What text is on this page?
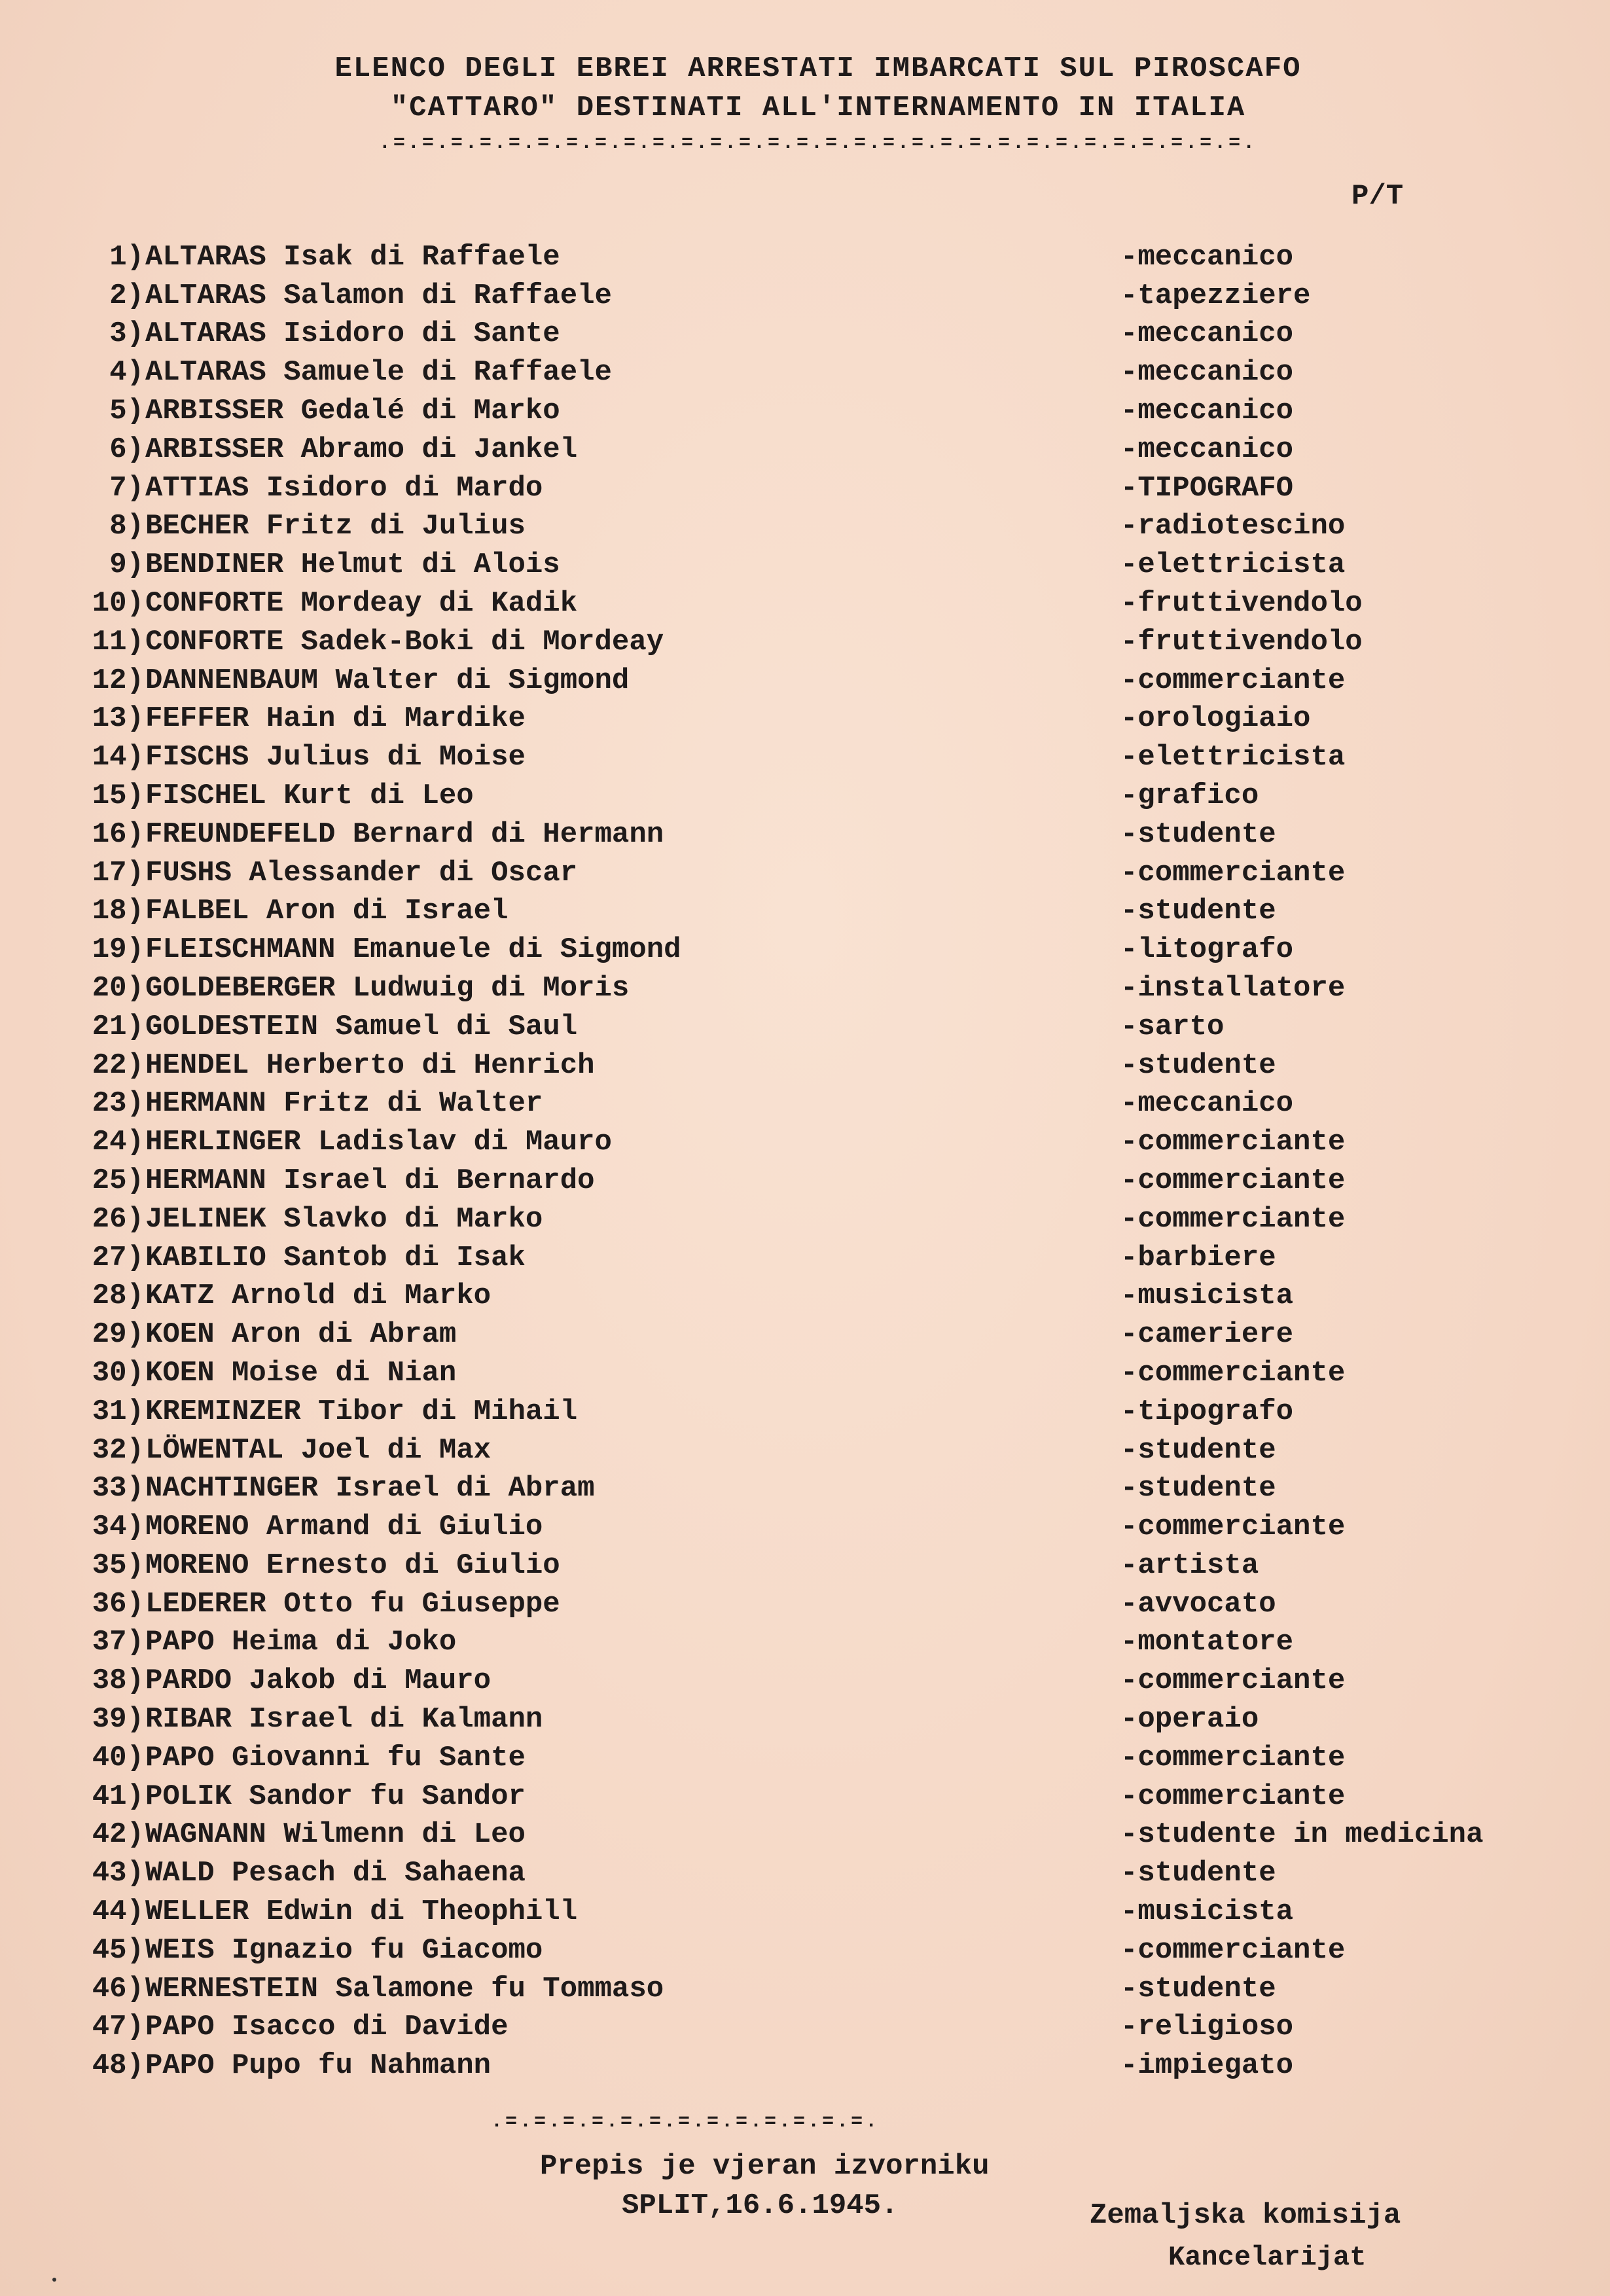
ELENCO DEGLI EBREI ARRESTATI IMBARCATI SUL PIROSCAFO
"CATTARO" DESTINATI ALL'INTERNAMENTO IN ITALIA
.=.=.=.=.=.=.=.=.=.=.=.=.=.=.=.=.=.=.=.=.=.=.=.=.=.=.=.=.=.=.
P/T
1) ALTARAS Isak di Raffaele	-meccanico
2) ALTARAS Salamon di Raffaele	-tapezziere
3) ALTARAS Isidoro di Sante	-meccanico
4) ALTARAS Samuele di Raffaele	-meccanico
5) ARBISSER Gedalé di Marko	-meccanico
6) ARBISSER Abramo di Jankel	-meccanico
7) ATTIAS Isidoro di Mardo	-TIPOGRAFO
8) BECHER Fritz di Julius	-radiotescino
9) BENDINER Helmut di Alois	-elettricista
10) CONFORTE Mordeay di Kadik	-fruttivendolo
11) CONFORTE Sadek-Boki di Mordeay	-fruttivendolo
12) DANNENBAUM Walter di Sigmond	-commerciante
13) FEFFER Hain di Mardike	-orologiaio
14) FISCHS Julius di Moise	-elettricista
15) FISCHEL Kurt di Leo	-grafico
16) FREUNDEFELD Bernard di Hermann	-studente
17) FUSHS Alessander di Oscar	-commerciante
18) FALBEL Aron di Israel	-studente
19) FLEISCHMANN Emanuele di Sigmond	-litografo
20) GOLDEBERGER Ludwuig di Moris	-installatore
21) GOLDESTEIN Samuel di Saul	-sarto
22) HENDEL Herberto di Henrich	-studente
23) HERMANN Fritz di Walter	-meccanico
24) HERLINGER Ladislav di Mauro	-commerciante
25) HERMANN Israel di Bernardo	-commerciante
26) JELINEK Slavko di Marko	-commerciante
27) KABILIO Santob di Isak	-barbiere
28) KATZ Arnold di Marko	-musicista
29) KOEN Aron di Abram	-cameriere
30) KOEN Moise di Nian	-commerciante
31) KREMINZER Tibor di Mihail	-tipografo
32) LÖWENTAL Joel di Max	-studente
33) NACHTINGER Israel di Abram	-studente
34) MORENO Armand di Giulio	-commerciante
35) MORENO Ernesto di Giulio	-artista
36) LEDERER Otto fu Giuseppe	-avvocato
37) PAPO Heima di Joko	-montatore
38) PARDO Jakob di Mauro	-commerciante
39) RIBAR Israel di Kalmann	-operaio
40) PAPO Giovanni fu Sante	-commerciante
41) POLIK Sandor fu Sandor	-commerciante
42) WAGNANN Wilmenn di Leo	-studente in medicina
43) WALD Pesach di Sahaena	-studente
44) WELLER Edwin di Theophill	-musicista
45) WEIS Ignazio fu Giacomo	-commerciante
46) WERNESTEIN Salamone fu Tommaso	-studente
47) PAPO Isacco di Davide	-religioso
48) PAPO Pupo fu Nahmann	-impiegato
.=.=.=.=.=.=.=.=.=.=.=.=.=.
Prepis je vjeran izvorniku
SPLIT,16.6.1945.	Zemaljska komisija
Kancelarijat
